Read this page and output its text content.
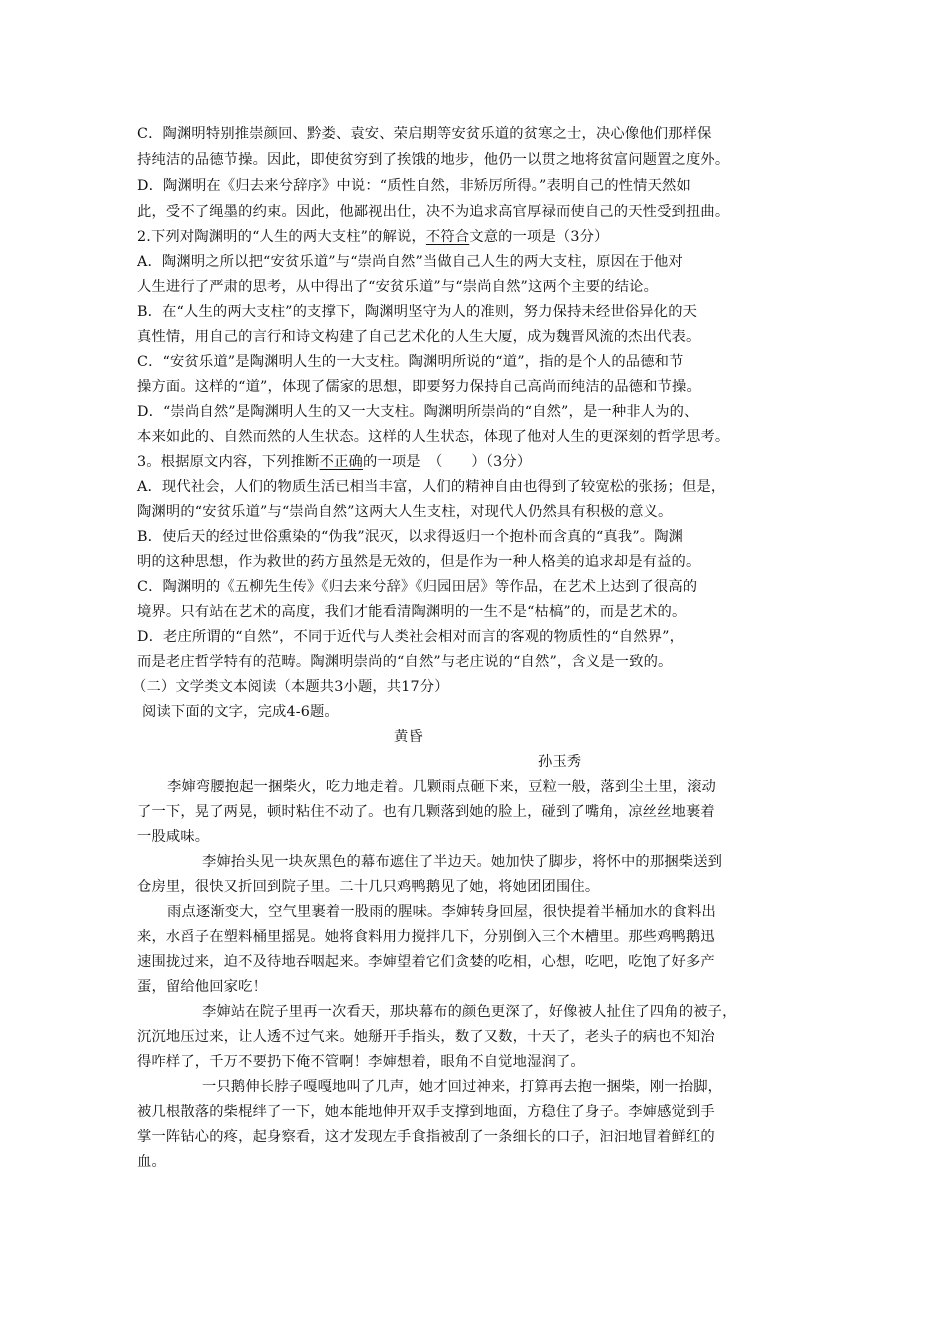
C．陶渊明特别推崇颜回、黔娄、袁安、荣启期等安贫乐道的贫寒之士，决心像他们那样保
持纯洁的品德节操。因此，即使贫穷到了挨饿的地步，他仍一以贯之地将贫富问题置之度外。
D．陶渊明在《归去来兮辞序》中说：“质性自然，非矫厉所得。”表明自己的性情天然如
此，受不了绳墨的约束。因此，他鄙视出仕，决不为追求高官厚禄而使自己的天性受到扭曲。
2.下列对陶渊明的“人生的两大支柱”的解说，不符合文意的一项是（3分）
A．陶渊明之所以把“安贫乐道”与“崇尚自然”当做自己人生的两大支柱，原因在于他对
人生进行了严肃的思考，从中得出了“安贫乐道”与“崇尚自然”这两个主要的结论。
B．在“人生的两大支柱”的支撑下，陶渊明坚守为人的准则，努力保持未经世俗异化的天
真性情，用自己的言行和诗文构建了自己艺术化的人生大厦，成为魏晋风流的杰出代表。
C．“安贫乐道”是陶渊明人生的一大支柱。陶渊明所说的“道”，指的是个人的品德和节
操方面。这样的“道”，体现了儒家的思想，即要努力保持自己高尚而纯洁的品德和节操。
D．“崇尚自然”是陶渊明人生的又一大支柱。陶渊明所崇尚的“自然”，是一种非人为的、
本来如此的、自然而然的人生状态。这样的人生状态，体现了他对人生的更深刻的哲学思考。
3。根据原文内容，下列推断不正确的一项是　（　　）（3分）
A．现代社会，人们的物质生活已相当丰富，人们的精神自由也得到了较宽松的张扬；但是，
陶渊明的“安贫乐道”与“崇尚自然”这两大人生支柱，对现代人仍然具有积极的意义。
B．使后天的经过世俗熏染的“伪我”泯灭，以求得返归一个抱朴而含真的“真我”。陶渊
明的这种思想，作为救世的药方虽然是无效的，但是作为一种人格美的追求却是有益的。
C．陶渊明的《五柳先生传》《归去来兮辞》《归园田居》等作品，在艺术上达到了很高的
境界。只有站在艺术的高度，我们才能看清陶渊明的一生不是“枯槁”的，而是艺术的。
D．老庄所谓的“自然”，不同于近代与人类社会相对而言的客观的物质性的“自然界”，
而是老庄哲学特有的范畴。陶渊明崇尚的“自然”与老庄说的“自然”，含义是一致的。
（二）文学类文本阅读（本题共3小题，共17分）
阅读下面的文字，完成4-6题。
黄昏
孙玉秀
李婶弯腰抱起一捆柴火，吃力地走着。几颗雨点砸下来，豆粒一般，落到尘土里，滚动
了一下，晃了两晃，顿时粘住不动了。也有几颗落到她的脸上，碰到了嘴角，凉丝丝地裹着
一股咸味。
李婶抬头见一块灰黑色的幕布遮住了半边天。她加快了脚步，将怀中的那捆柴送到
仓房里，很快又折回到院子里。二十几只鸡鸭鹅见了她，将她团团围住。
雨点逐渐变大，空气里裹着一股雨的腥味。李婶转身回屋，很快提着半桶加水的食料出
来，水舀子在塑料桶里摇晃。她将食料用力搅拌几下，分别倒入三个木槽里。那些鸡鸭鹅迅
速围拢过来，迫不及待地吞咽起来。李婶望着它们贪婪的吃相，心想，吃吧，吃饱了好多产
蛋，留给他回家吃！
李婶站在院子里再一次看天，那块幕布的颜色更深了，好像被人扯住了四角的被子，
沉沉地压过来，让人透不过气来。她掰开手指头，数了又数，十天了，老头子的病也不知治
得咋样了，千万不要扔下俺不管啊！李婶想着，眼角不自觉地湿润了。
一只鹅伸长脖子嘎嘎地叫了几声，她才回过神来，打算再去抱一捆柴，刚一抬脚，
被几根散落的柴棍绊了一下，她本能地伸开双手支撑到地面，方稳住了身子。李婶感觉到手
掌一阵钻心的疼，起身察看，这才发现左手食指被刮了一条细长的口子，汩汩地冒着鲜红的
血。
